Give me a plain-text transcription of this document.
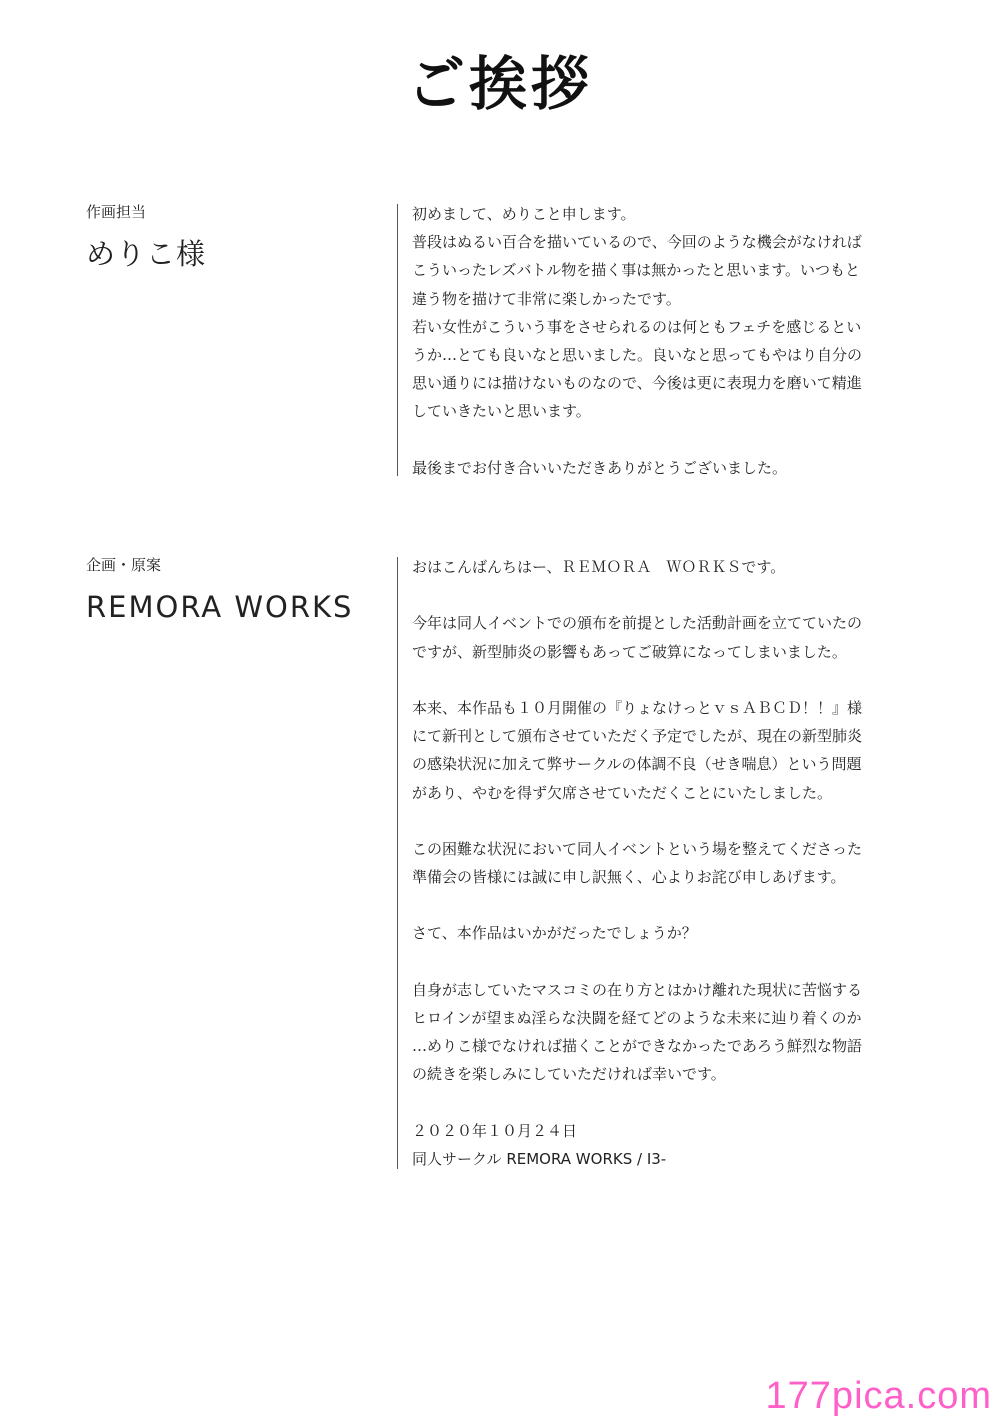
ご挨拶
作画担当
めりこ様
初めまして、めりこと申します。
普段はぬるい百合を描いているので、今回のような機会がなければ
こういったレズバトル物を描く事は無かったと思います。いつもと
違う物を描けて非常に楽しかったです。
若い女性がこういう事をさせられるのは何ともフェチを感じるとい
うか…とても良いなと思いました。良いなと思ってもやはり自分の
思い通りには描けないものなので、今後は更に表現力を磨いて精進
していきたいと思います。
最後までお付き合いいただきありがとうございました。
企画・原案
REMORA WORKS
おはこんばんちはー、ＲＥＭＯＲＡ　ＷＯＲＫＳです。
今年は同人イベントでの頒布を前提とした活動計画を立てていたの
ですが、新型肺炎の影響もあってご破算になってしまいました。
本来、本作品も１０月開催の『りょなけっとｖｓＡＢＣＤ！！』様
にて新刊として頒布させていただく予定でしたが、現在の新型肺炎
の感染状況に加えて弊サークルの体調不良（せき喘息）という問題
があり、やむを得ず欠席させていただくことにいたしました。
この困難な状況において同人イベントという場を整えてくださった
準備会の皆様には誠に申し訳無く、心よりお詫び申しあげます。
さて、本作品はいかがだったでしょうか？
自身が志していたマスコミの在り方とはかけ離れた現状に苦悩する
ヒロインが望まぬ淫らな決闘を経てどのような未来に辿り着くのか
…めりこ様でなければ描くことができなかったであろう鮮烈な物語
の続きを楽しみにしていただければ幸いです。
２０２０年１０月２４日
同人サークル REMORA WORKS / I3-
177pica.com
